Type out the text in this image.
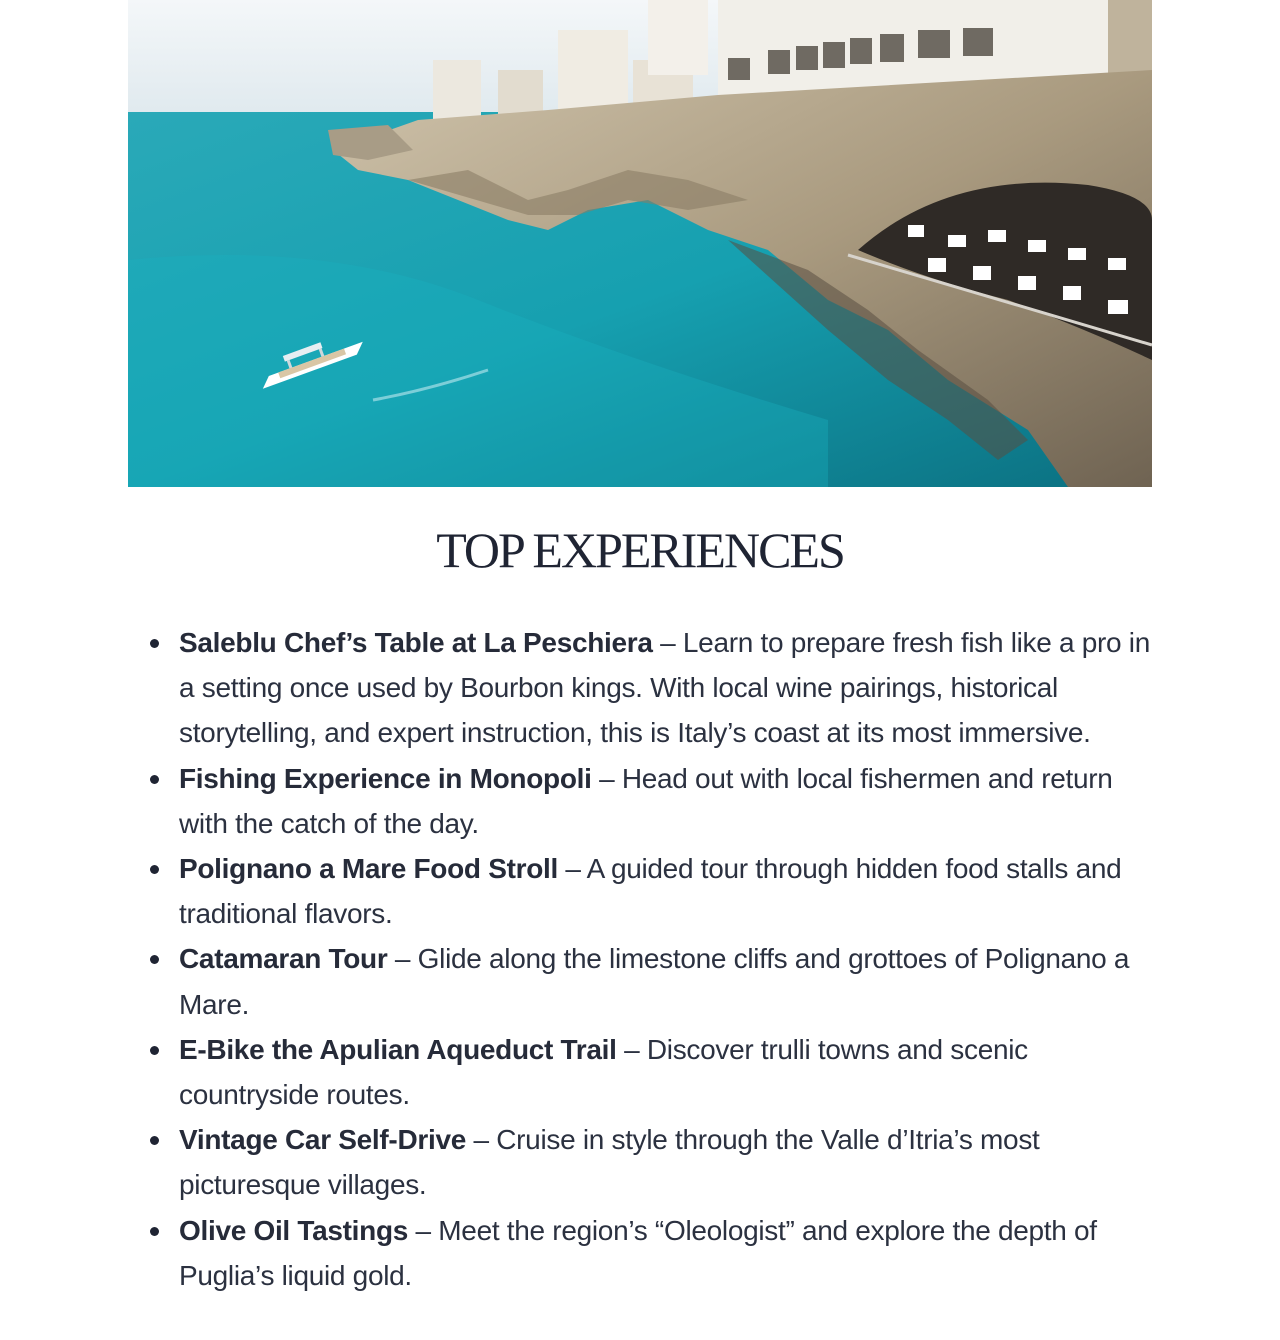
TOP EXPERIENCES
Saleblu Chef’s Table at La Peschiera – Learn to prepare fresh fish like a pro in a setting once used by Bourbon kings. With local wine pairings, historical storytelling, and expert instruction, this is Italy’s coast at its most immersive.
Fishing Experience in Monopoli – Head out with local fishermen and return with the catch of the day.
Polignano a Mare Food Stroll – A guided tour through hidden food stalls and traditional flavors.
Catamaran Tour – Glide along the limestone cliffs and grottoes of Polignano a Mare.
E-Bike the Apulian Aqueduct Trail – Discover trulli towns and scenic countryside routes.
Vintage Car Self-Drive – Cruise in style through the Valle d’Itria’s most picturesque villages.
Olive Oil Tastings – Meet the region’s “Oleologist” and explore the depth of Puglia’s liquid gold.
